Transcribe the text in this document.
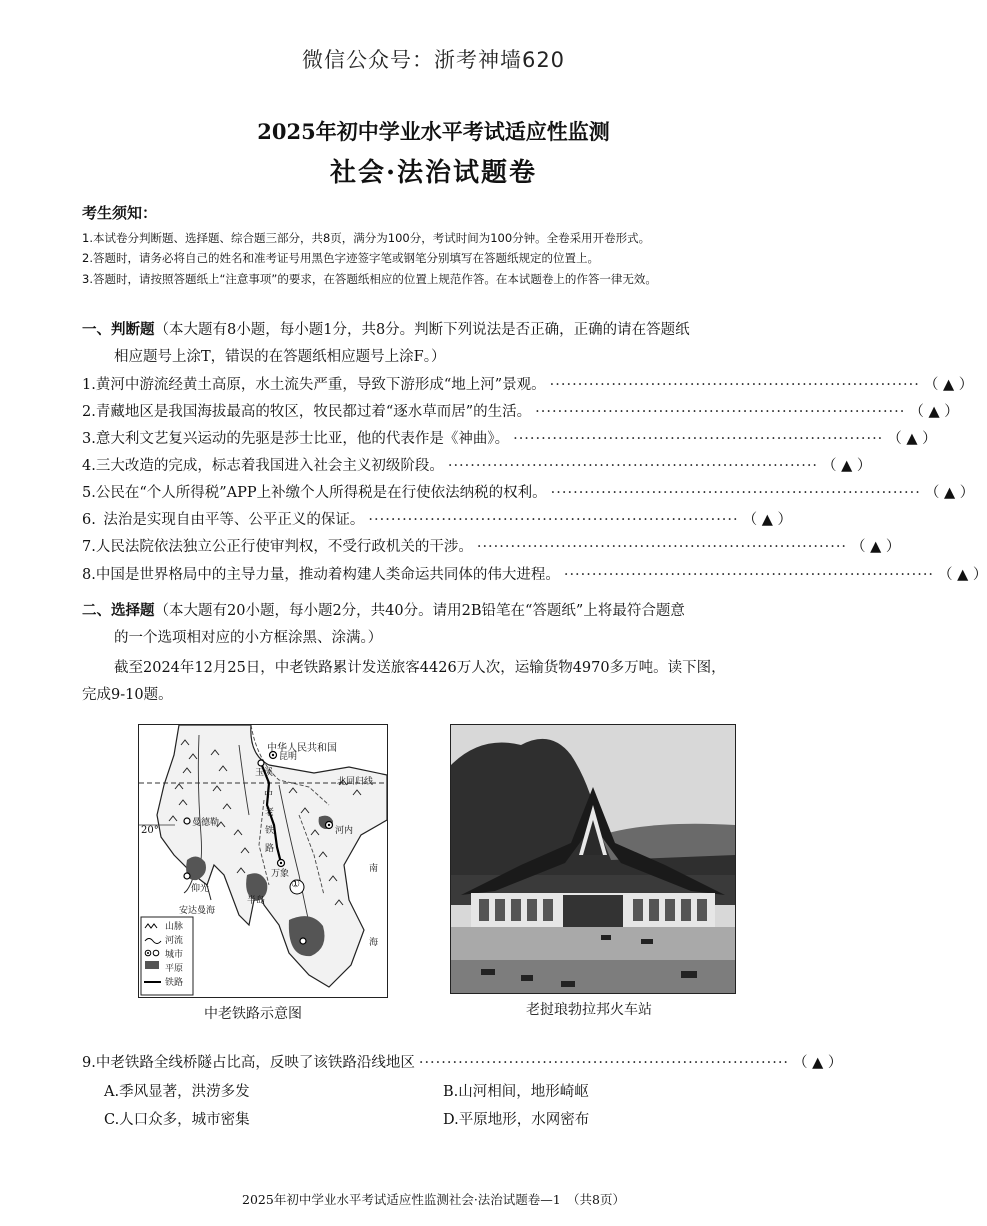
微信公众号：浙考神墙620
2025年初中学业水平考试适应性监测
社会·法治试题卷
考生须知：
1.本试卷分判断题、选择题、综合题三部分，共8页，满分为100分，考试时间为100分钟。全卷采用开卷形式。
2.答题时，请务必将自己的姓名和准考证号用黑色字迹签字笔或钢笔分别填写在答题纸规定的位置上。
3.答题时，请按照答题纸上“注意事项”的要求，在答题纸相应的位置上规范作答。在本试题卷上的作答一律无效。
一、判断题（本大题有8小题，每小题1分，共8分。判断下列说法是否正确，正确的请在答题纸
相应题号上涂T，错误的在答题纸相应题号上涂F。）
1. 黄河中游流经黄土高原，水土流失严重，导致下游形成“地上河”景观。 ·································································· （ ▲ ）
2. 青藏地区是我国海拔最高的牧区，牧民都过着“逐水草而居”的生活。 ·································································· （ ▲ ）
3. 意大利文艺复兴运动的先驱是莎士比亚，他的代表作是《神曲》。 ·································································· （ ▲ ）
4. 三大改造的完成，标志着我国进入社会主义初级阶段。 ·································································· （ ▲ ）
5. 公民在“个人所得税”APP上补缴个人所得税是在行使依法纳税的权利。 ·································································· （ ▲ ）
6. 法治是实现自由平等、公平正义的保证。 ·································································· （ ▲ ）
7. 人民法院依法独立公正行使审判权，不受行政机关的干涉。 ·································································· （ ▲ ）
8. 中国是世界格局中的主导力量，推动着构建人类命运共同体的伟大进程。 ·································································· （ ▲ ）
二、选择题（本大题有20小题，每小题2分，共40分。请用2B铅笔在“答题纸”上将最符合题意
的一个选项相对应的小方框涂黑、涂满。）
截至2024年12月25日，中老铁路累计发送旅客4426万人次，运输货物4970多万吨。读下图，
完成9-10题。
中华人民共和国
玉溪
昆明
北回归线
20°
曼德勒
河内
万象
仰光
安达曼海
南
海
中
老
铁
路
半岛
①
山脉
河流
城市
平原
铁路
中老铁路示意图	老挝琅勃拉邦火车站
9. 中老铁路全线桥隧占比高，反映了该铁路沿线地区 ·································································· （ ▲ ）
A.季风显著，洪涝多发	B.山河相间，地形崎岖
C.人口众多，城市密集	D.平原地形，水网密布
2025年初中学业水平考试适应性监测社会·法治试题卷—1　（共8页）
